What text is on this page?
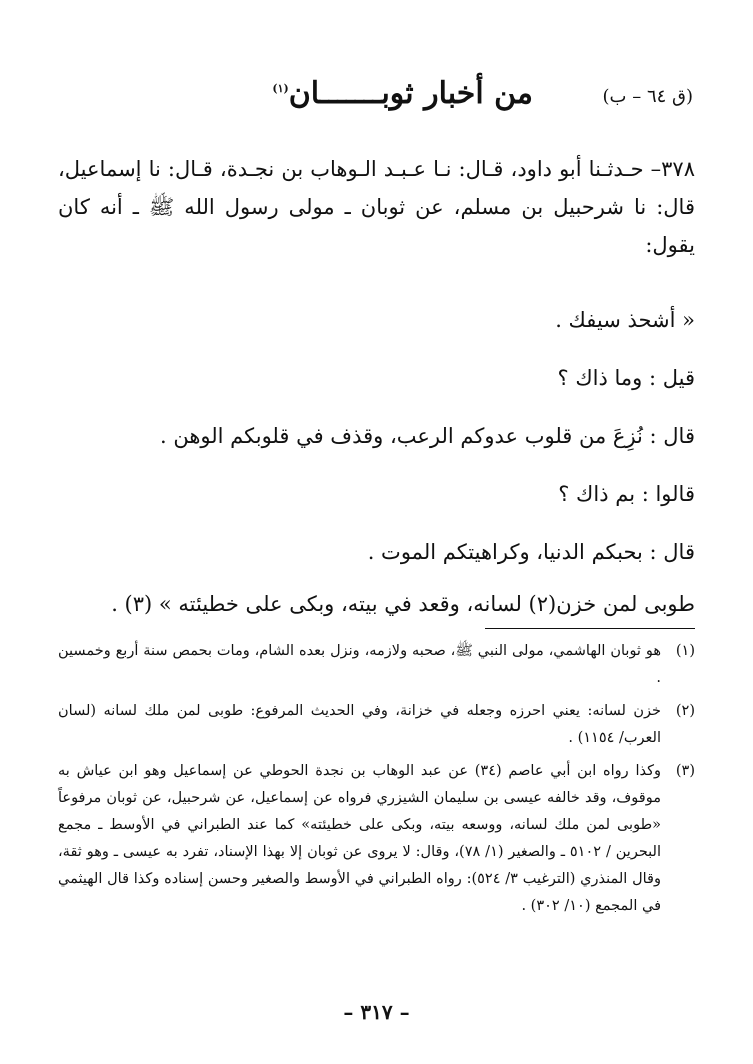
من أخبار ثوبـــــــان$^{(١)}$	(ق ٦٤ – ب)

٣٧٨– حـدثـنا أبو داود، قـال: نـا عـبـد الـوهاب بن نجـدة، قـال: نا إسماعيل، قال: نا شرحبيل بن مسلم، عن ثوبان ـ مولى رسول الله ﷺ ـ أنه كان يقول:

« أشحذ سيفك .

قيل : وما ذاك ؟

قال : نُزِعَ من قلوب عدوكم الرعب، وقذف في قلوبكم الوهن .

قالوا : بم ذاك ؟

قال : بحبكم الدنيا، وكراهيتكم الموت .

طوبى لمن خزن(٢) لسانه، وقعد في بيته، وبكى على خطيئته » (٣) .

(١)
هو ثوبان الهاشمي، مولى النبي ﷺ، صحبه ولازمه، ونزل بعده الشام، ومات بحمص سنة أربع وخمسين .
(٢)
خزن لسانه: يعني احرزه وجعله في خزانة، وفي الحديث المرفوع: طوبى لمن ملك لسانه (لسان العرب/ ١١٥٤) .
(٣)
وكذا رواه ابن أبي عاصم (٣٤) عن عبد الوهاب بن نجدة الحوطي عن إسماعيل وهو ابن عياش به موقوف، وقد خالفه عيسى بن سليمان الشيزري فرواه عن إسماعيل، عن شرحبيل، عن ثوبان مرفوعاً «طوبى لمن ملك لسانه، ووسعه بيته، وبكى على خطيئته» كما عند الطبراني في الأوسط ـ مجمع البحرين / ٥١٠٢ ـ والصغير (١/ ٧٨)، وقال: لا يروى عن ثوبان إلا بهذا الإسناد، تفرد به عيسى ـ وهو ثقة، وقال المنذري (الترغيب ٣/ ٥٢٤): رواه الطبراني في الأوسط والصغير وحسن إسناده وكذا قال الهيثمي في المجمع (١٠/ ٣٠٢) .
– ٣١٧ –
